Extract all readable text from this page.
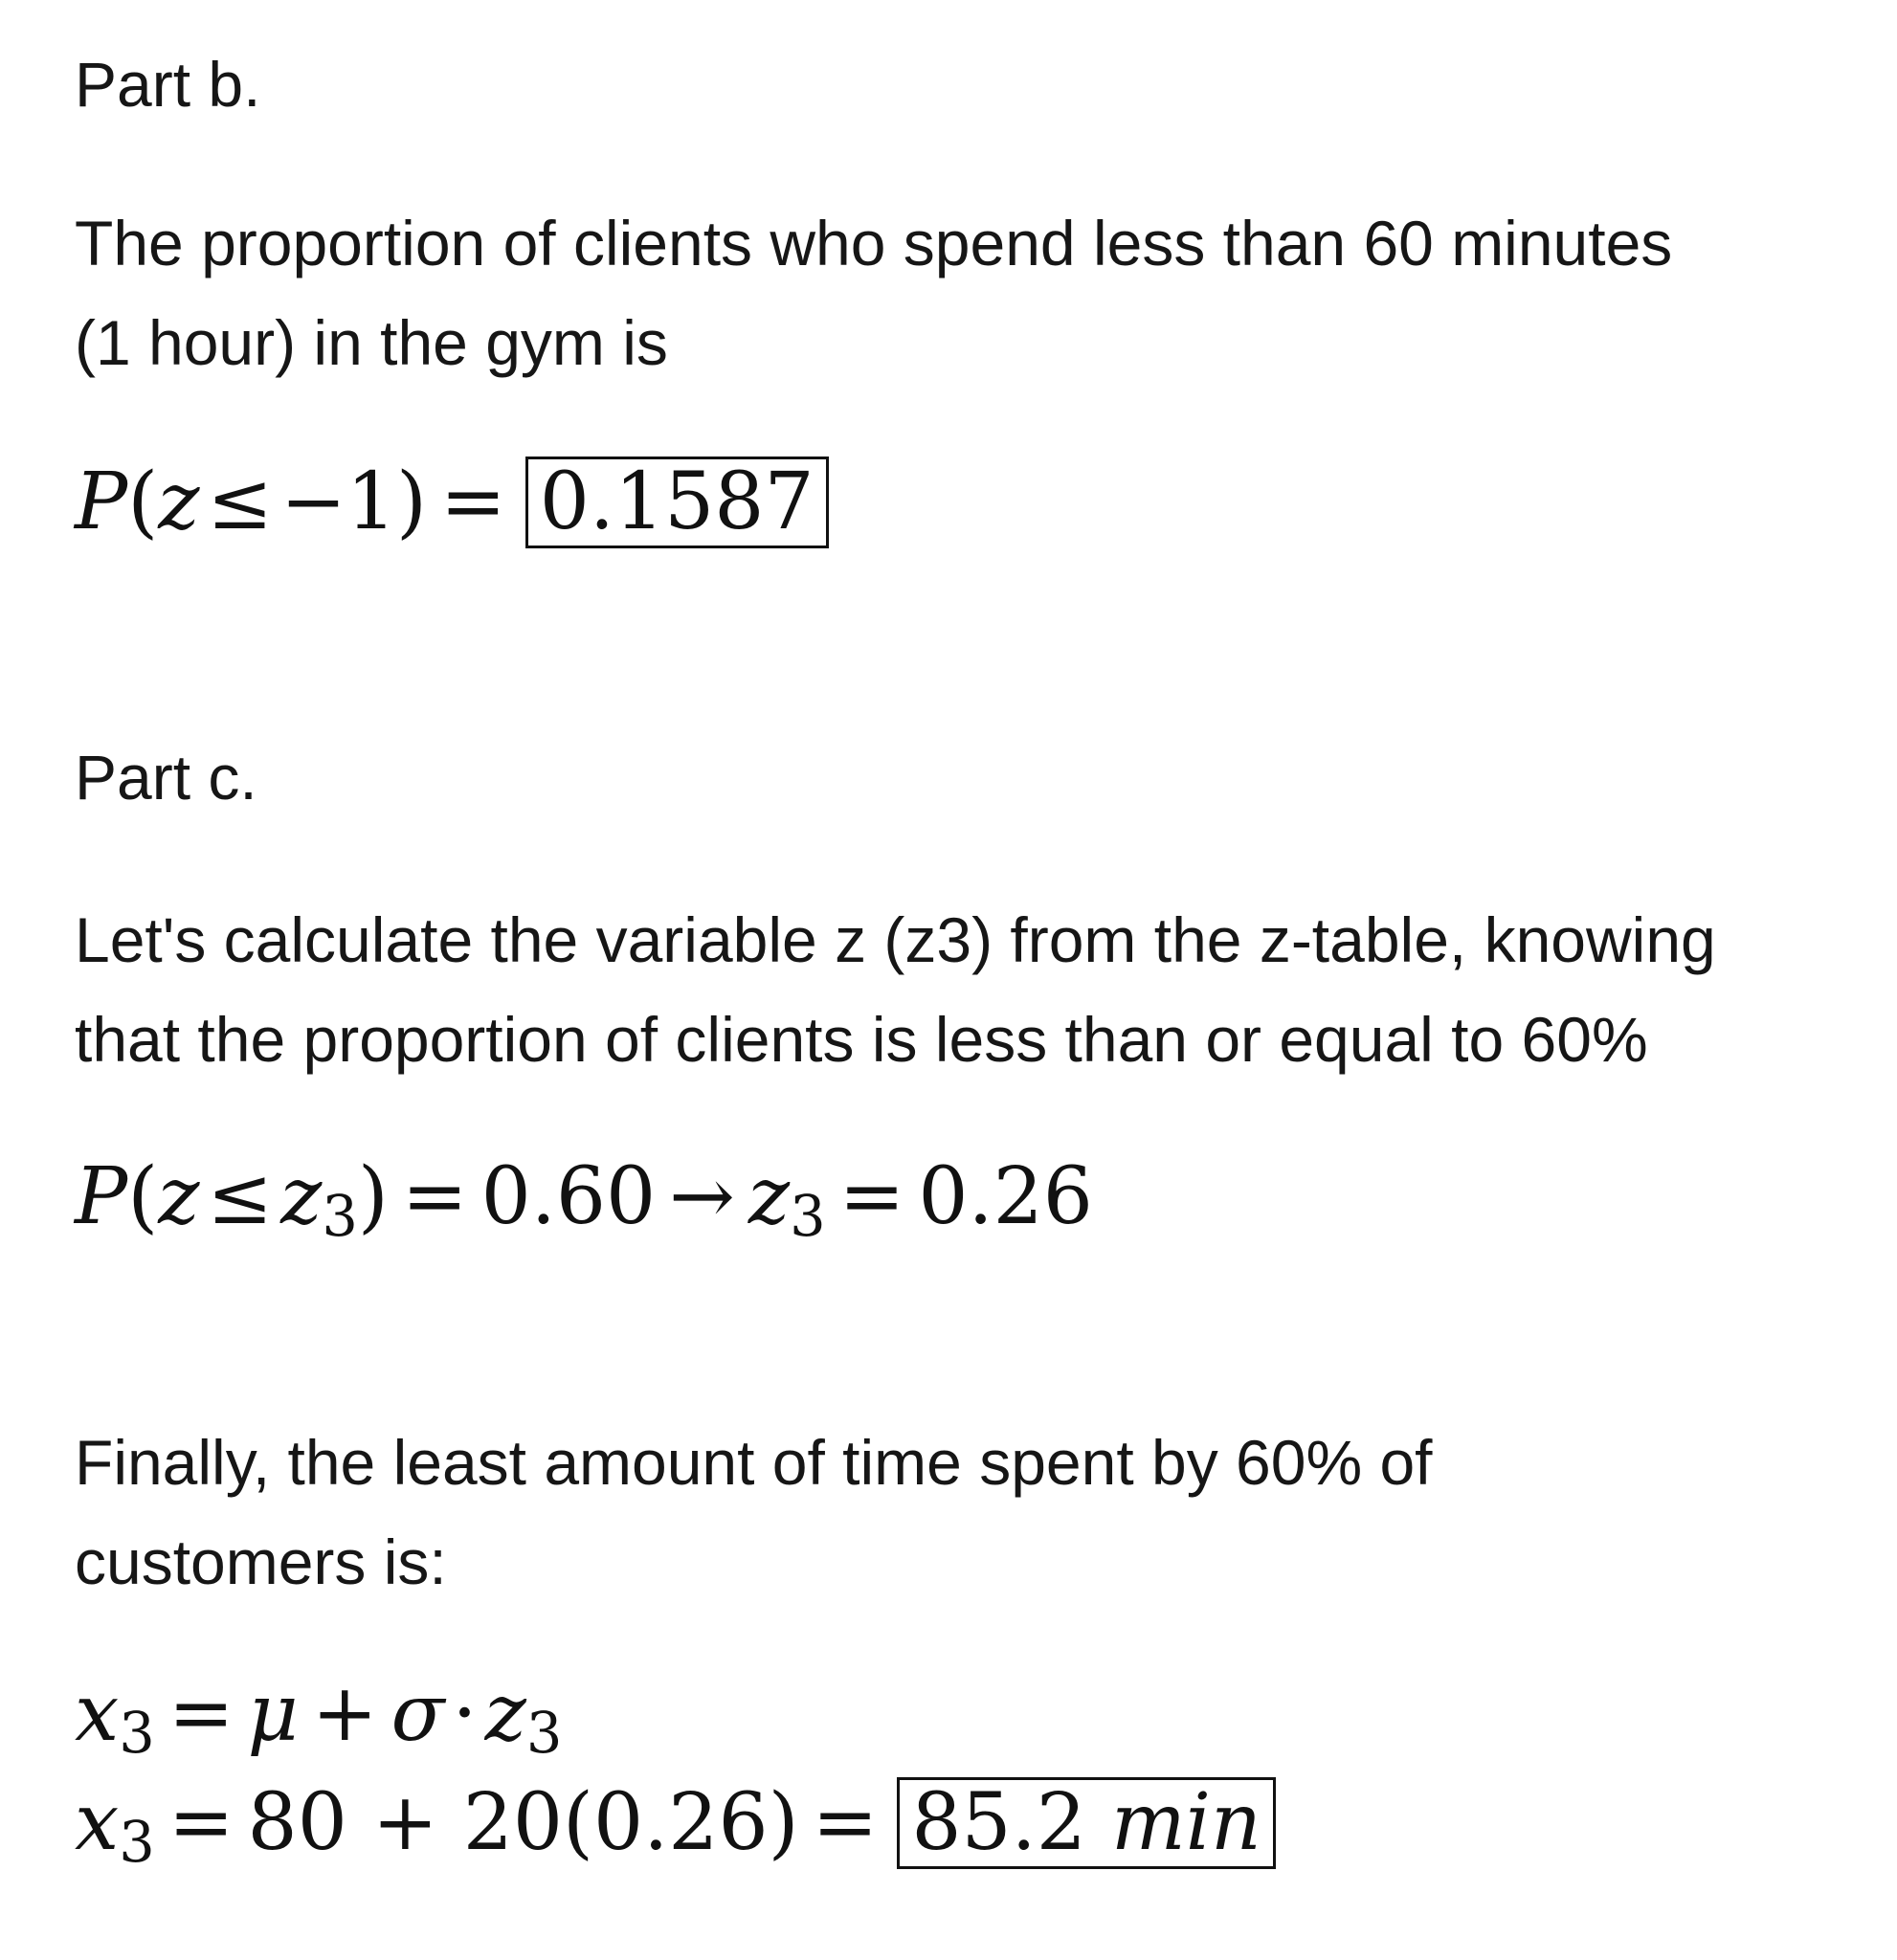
Part b.

The proportion of clients who spend less than 60 minutes

(1 hour) in the gym is

P(z≤−1) = 0.1587

Part c.

Let's calculate the variable z (z3) from the z-table, knowing

that the proportion of clients is less than or equal to 60%

P(z≤z3) = 0.60 → z3 = 0.26

Finally, the least amount of time spent by 60% of

customers is:

x3 = μ + σ·z3
x3 = 80 + 20(0.26) = 85.2 min
